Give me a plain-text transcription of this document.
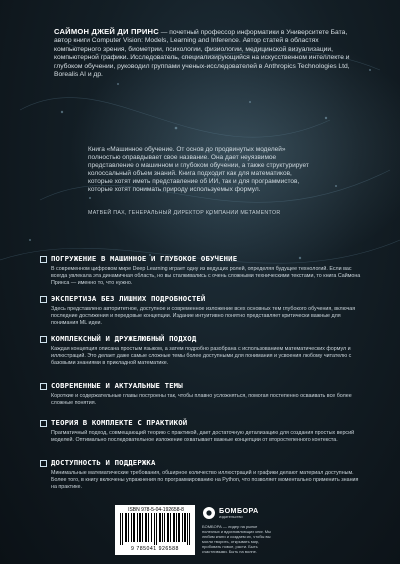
САЙМОН ДЖЕЙ ДИ ПРИНС — почетный профессор информатики в Университете Бата, автор книги Computer Vision: Models, Learning and Inference. Автор статей в областях компьютерного зрения, биометрии, психологии, физиологии, медицинской визуализации, компьютерной графики. Исследователь, специализирующийся на искусственном интеллекте и глубоком обучении, руководил группами ученых-исследователей в Anthropics Technologies Ltd, Borealis AI и др.

Книга «Машинное обучение. От основ до продвинутых моделей» полностью оправдывает свое название. Она дает неуязвимое представление о машинном и глубоком обучении, а также структурирует колоссальный объем знаний. Книга подходит как для математиков, которые хотят иметь представление об ИИ, так и для программистов, которые хотят понимать природу используемых формул.

МАТВЕЙ ПАХ, ГЕНЕРАЛЬНЫЙ ДИРЕКТОР КОМПАНИИ METAMENTOR

ПОГРУЖЕНИЕ В МАШИННОЕ И ГЛУБОКОЕ ОБУЧЕНИЕ
В современном цифровом мире Deep Learning играет одну из ведущих ролей, определяя будущее технологий. Если вас всегда увлекала эта динамичная область, но вы сталкивались с очень сложными техническими текстами, то книга Саймона Принса — именно то, что нужно.
ЭКСПЕРТИЗА БЕЗ ЛИШНИХ ПОДРОБНОСТЕЙ
Здесь представлено авторитетное, доступное и современное изложение всех основных тем глубокого обучения, включая последние достижения и передовые концепции. Издание интуитивно понятно представляет критически важные для понимания ML идеи.
КОМПЛЕКСНЫЙ И ДРУЖЕЛЮБНЫЙ ПОДХОД
Каждая концепция описана простым языком, а затем подробно разобрана с использованием математических формул и иллюстраций. Это делает даже самые сложные темы более доступными для понимания и усвоения любому читателю с базовыми знаниями в прикладной математике.
СОВРЕМЕННЫЕ И АКТУАЛЬНЫЕ ТЕМЫ
Короткие и содержательные главы построены так, чтобы плавно усложняться, помогая постепенно осваивать все более сложные понятия.
ТЕОРИЯ В КОМПЛЕКТЕ С ПРАКТИКОЙ
Прагматичный подход, совмещающий теорию с практикой, дает достаточную детализацию для создания простых версий моделей. Оптимально последовательное изложение охватывает важные концепции от второстепенного контекста.
ДОСТУПНОСТЬ И ПОДДЕРЖКА
Минимальные математические требования, обширное количество иллюстраций и графики делают материал доступным. Более того, в книгу включены упражнения по программированию на Python, что позволяет моментально применить знания на практике.
ISBN 978-5-04-192658-8
9 785041 926588
БОМБОРА
издательство
БОМБОРА — лидер на рынке полезных и вдохновляющих книг. Мы любим книги и создаем их, чтобы вы могли творить, открывать мир, пробовать новое, расти. Быть счастливыми. Быть на волне.
